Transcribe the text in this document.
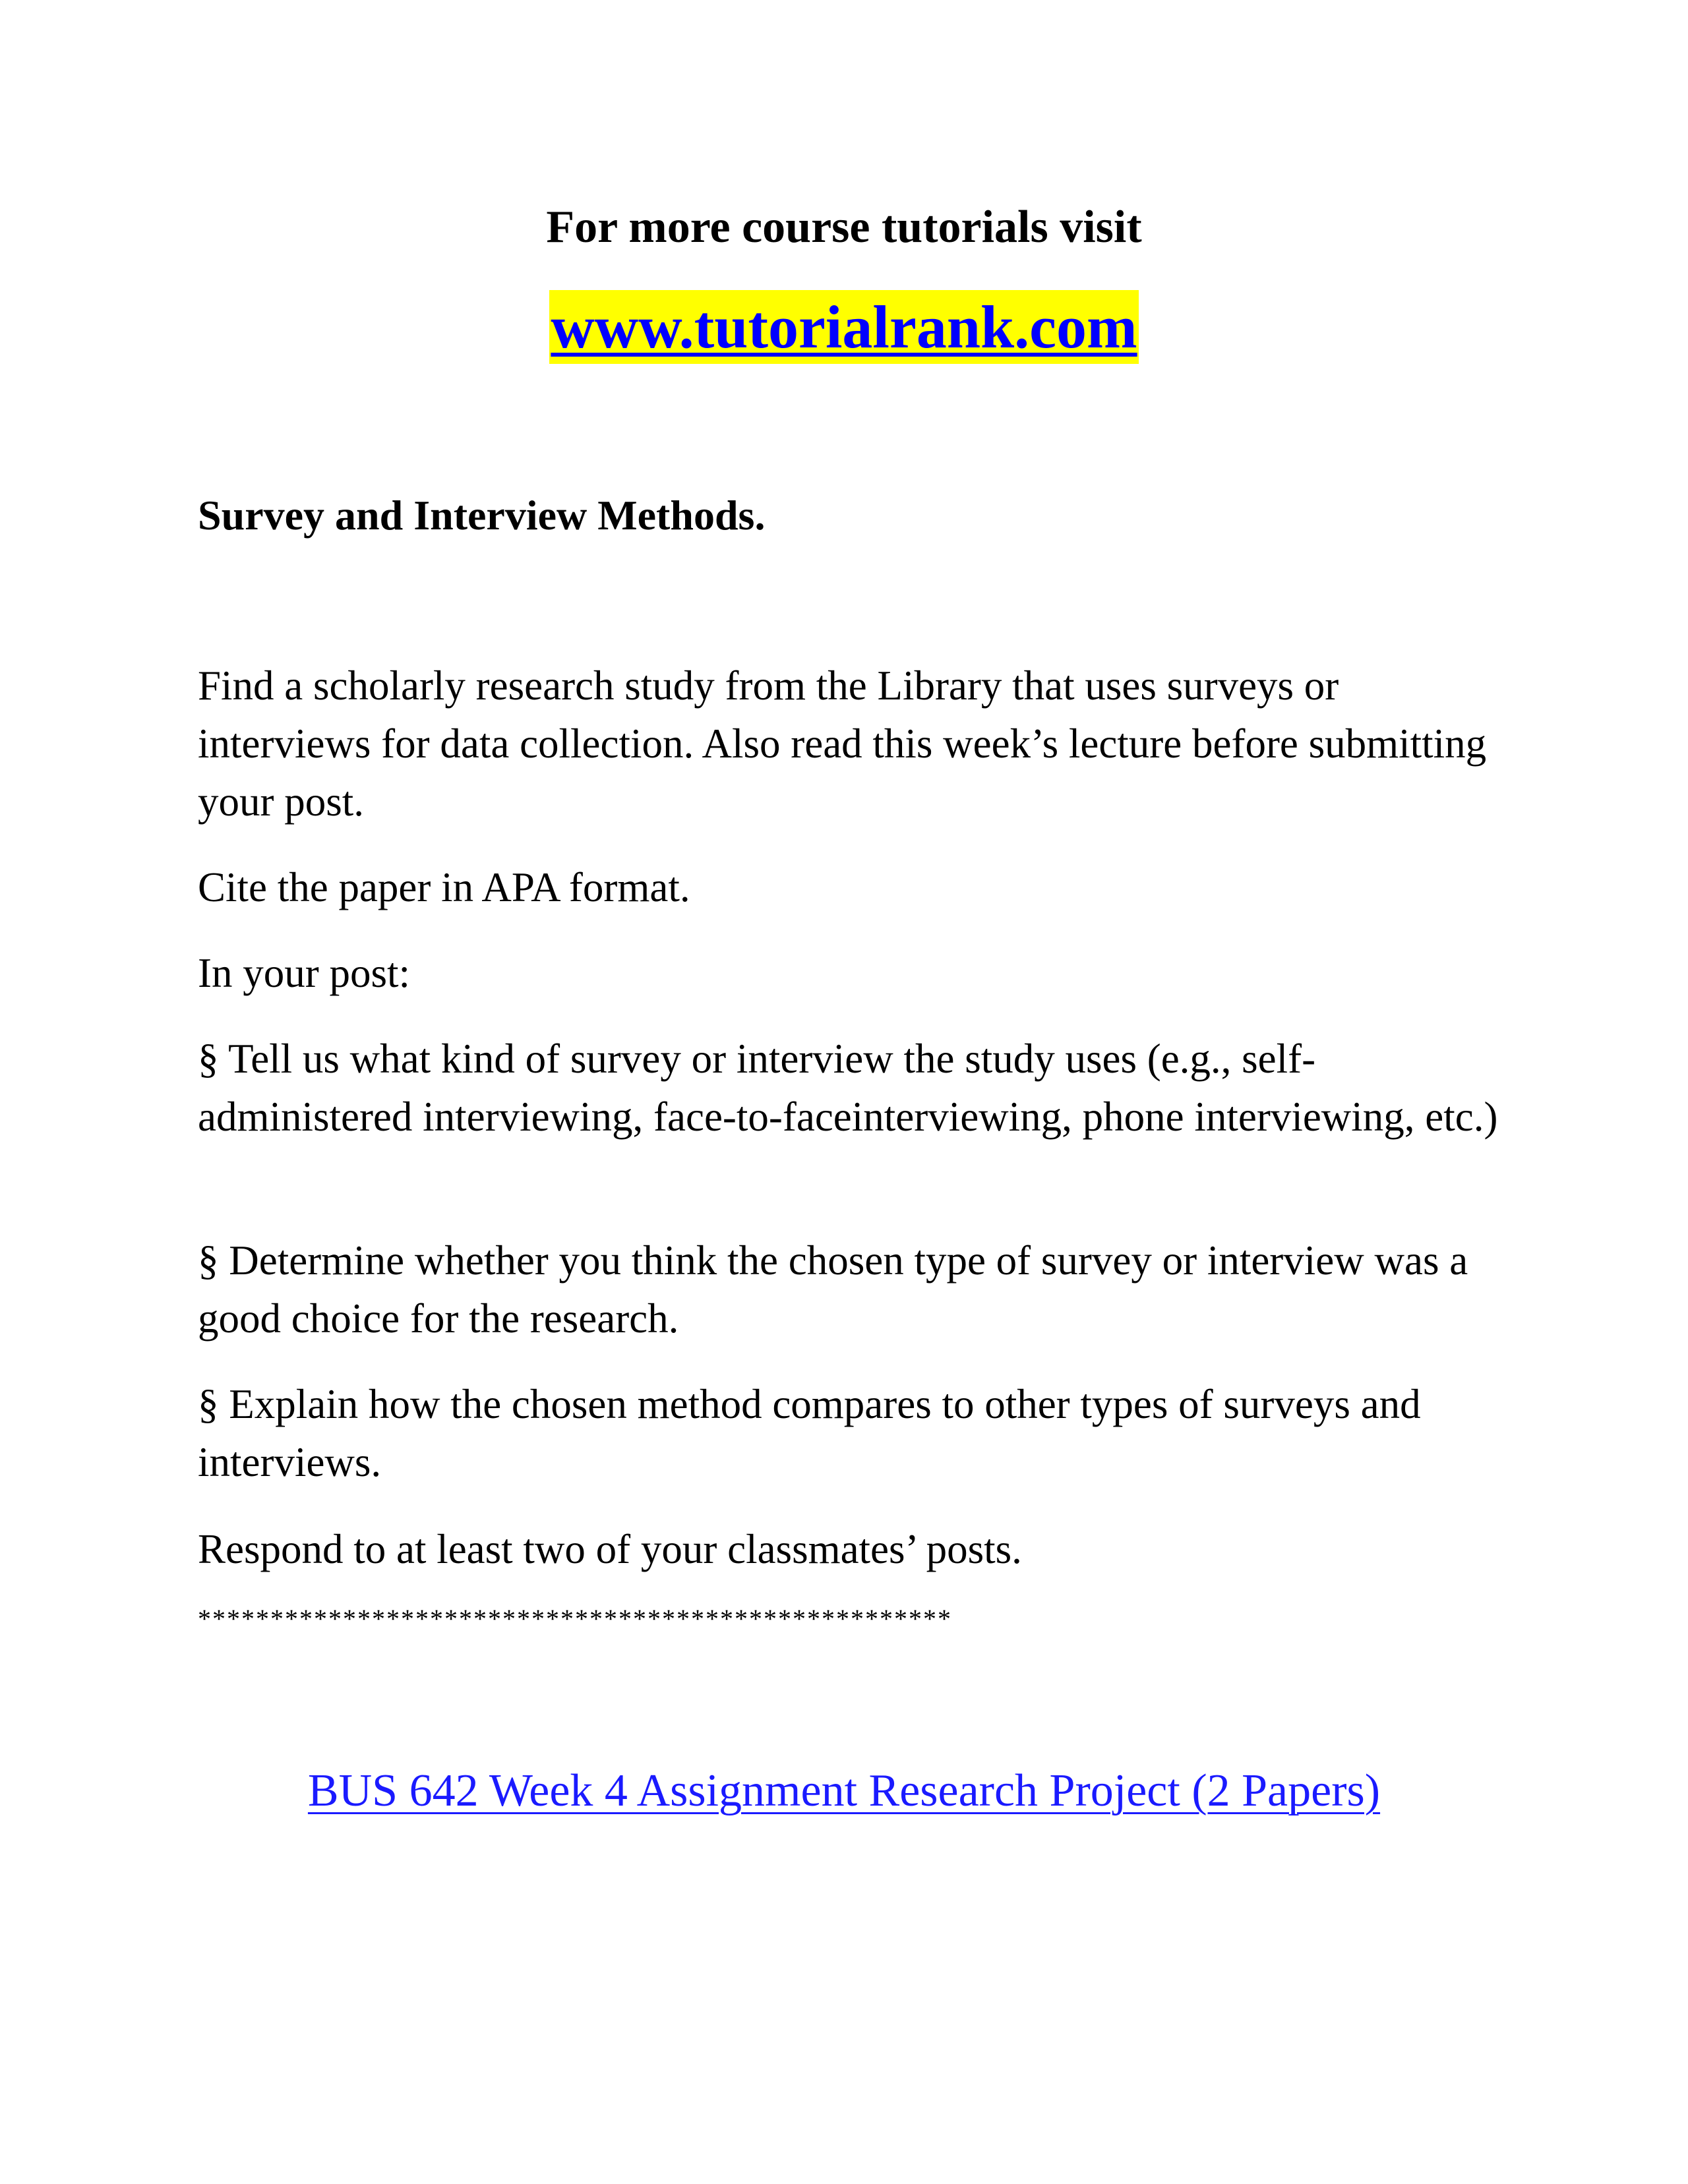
For more course tutorials visit
www.tutorialrank.com
Survey and Interview Methods.

Find a scholarly research study from the Library that uses surveys or interviews for data collection. Also read this week’s lecture before submitting your post.

Cite the paper in APA format.

In your post:

§ Tell us what kind of survey or interview the study uses (e.g., self-administered interviewing, face-to-faceinterviewing, phone interviewing, etc.)

§ Determine whether you think the chosen type of survey or interview was a good choice for the research.

§ Explain how the chosen method compares to other types of surveys and interviews.

Respond to at least two of your classmates’ posts.

****************************************************
BUS 642 Week 4 Assignment Research Project (2 Papers)
